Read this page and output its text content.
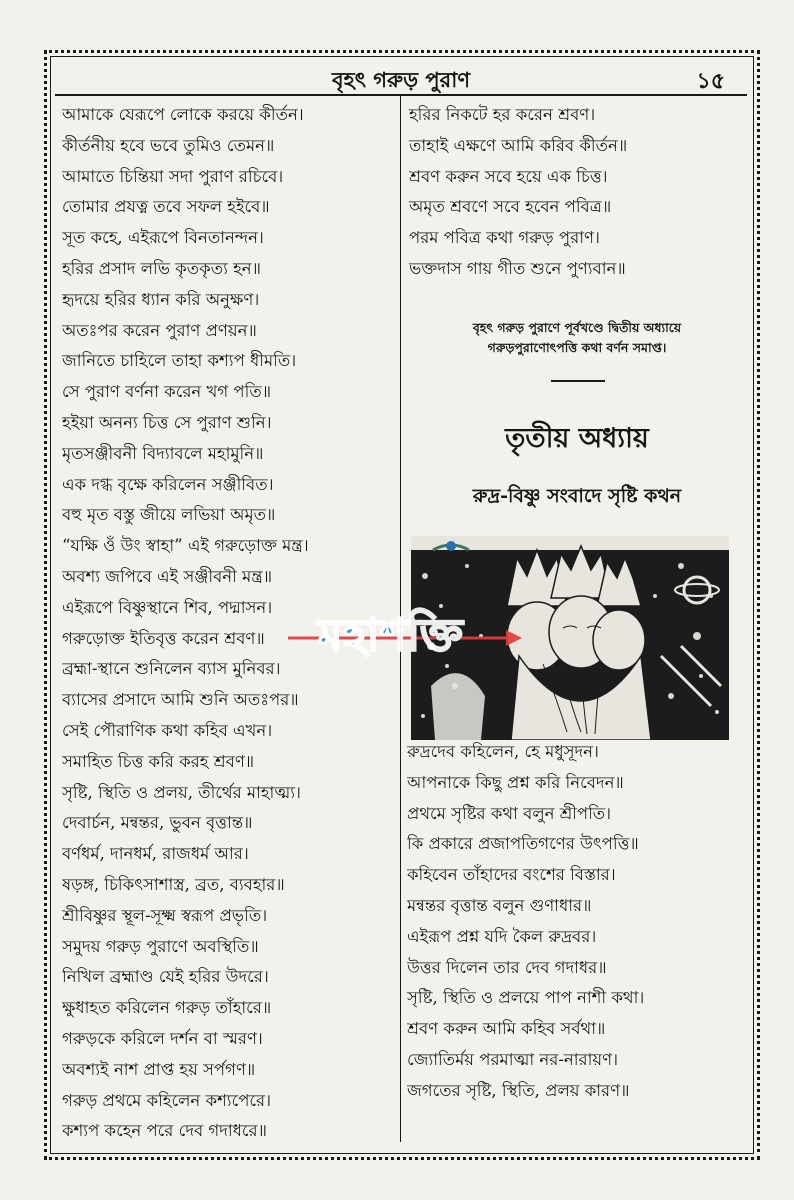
বৃহৎ গরুড় পুরাণ	১৫
আমাকে যেরূপে লোকে করয়ে কীর্তন।
কীর্তনীয় হবে ভবে তুমিও তেমন॥
আমাতে চিন্তিয়া সদা পুরাণ রচিবে।
তোমার প্রযত্ন তবে সফল হইবে॥
সূত কহে, এইরূপে বিনতানন্দন।
হরির প্রসাদ লভি কৃতকৃত্য হন॥
হৃদয়ে হরির ধ্যান করি অনুক্ষণ।
অতঃপর করেন পুরাণ প্রণয়ন॥
জানিতে চাহিলে তাহা কশ্যপ ধীমতি।
সে পুরাণ বর্ণনা করেন খগ পতি॥
হইয়া অনন্য চিত্ত সে পুরাণ শুনি।
মৃতসঞ্জীবনী বিদ্যাবলে মহামুনি॥
এক দগ্ধ বৃক্ষে করিলেন সঞ্জীবিত।
বহু মৃত বস্তু জীয়ে লভিয়া অমৃত॥
“যক্ষি ওঁ উং স্বাহা” এই গরুড়োক্ত মন্ত্র।
অবশ্য জপিবে এই সঞ্জীবনী মন্ত্র॥
এইরূপে বিষ্ণুস্থানে শিব, পদ্মাসন।
গরুড়োক্ত ইতিবৃত্ত করেন শ্রবণ॥
ব্রহ্মা-স্থানে শুনিলেন ব্যাস মুনিবর।
ব্যাসের প্রসাদে আমি শুনি অতঃপর॥
সেই পৌরাণিক কথা কহিব এখন।
সমাহিত চিত্ত করি করহ শ্রবণ॥
সৃষ্টি, স্থিতি ও প্রলয়, তীর্থের মাহাত্ম্য।
দেবার্চন, মন্বন্তর, ভুবন বৃত্তান্ত॥
বর্ণধর্ম, দানধর্ম, রাজধর্ম আর।
ষড়ঙ্গ, চিকিৎসাশাস্ত্র, ব্রত, ব্যবহার॥
শ্রীবিষ্ণুর স্থূল-সূক্ষ্ম স্বরূপ প্রভৃতি।
সমুদয় গরুড় পুরাণে অবস্থিতি॥
নিখিল ব্রহ্মাণ্ড যেই হরির উদরে।
ক্ষুধাহত করিলেন গরুড় তাঁহারে॥
গরুড়কে করিলে দর্শন বা স্মরণ।
অবশ্যই নাশ প্রাপ্ত হয় সর্পগণ॥
গরুড় প্রথমে কহিলেন কশ্যপেরে।
কশ্যপ কহেন পরে দেব গদাধরে॥
হরির নিকটে হর করেন শ্রবণ।
তাহাই এক্ষণে আমি করিব কীর্তন॥
শ্রবণ করুন সবে হয়ে এক চিত্ত।
অমৃত শ্রবণে সবে হবেন পবিত্র॥
পরম পবিত্র কথা গরুড় পুরাণ।
ভক্তদাস গায় গীত শুনে পুণ্যবান॥
বৃহৎ গরুড় পুরাণে পূর্বখণ্ডে দ্বিতীয় অধ্যায়ে
গরুড়পুরাণোৎপত্তি কথা বর্ণন সমাপ্ত।
তৃতীয় অধ্যায়
রুদ্র-বিষ্ণু সংবাদে সৃষ্টি কথন
রুদ্রদেব কহিলেন, হে মধুসূদন।
আপনাকে কিছু প্রশ্ন করি নিবেদন॥
প্রথমে সৃষ্টির কথা বলুন শ্রীপতি।
কি প্রকারে প্রজাপতিগণের উৎপত্তি॥
কহিবেন তাঁহাদের বংশের বিস্তার।
মন্বন্তর বৃত্তান্ত বলুন গুণাধার॥
এইরূপ প্রশ্ন যদি কৈল রুদ্রবর।
উত্তর দিলেন তার দেব গদাধর॥
সৃষ্টি, স্থিতি ও প্রলয়ে পাপ নাশী কথা।
শ্রবণ করুন আমি কহিব সর্বথা॥
জ্যোতির্ময় পরমাত্মা নর-নারায়ণ।
জগতের সৃষ্টি, স্থিতি, প্রলয় কারণ॥
মহাশক্তি
